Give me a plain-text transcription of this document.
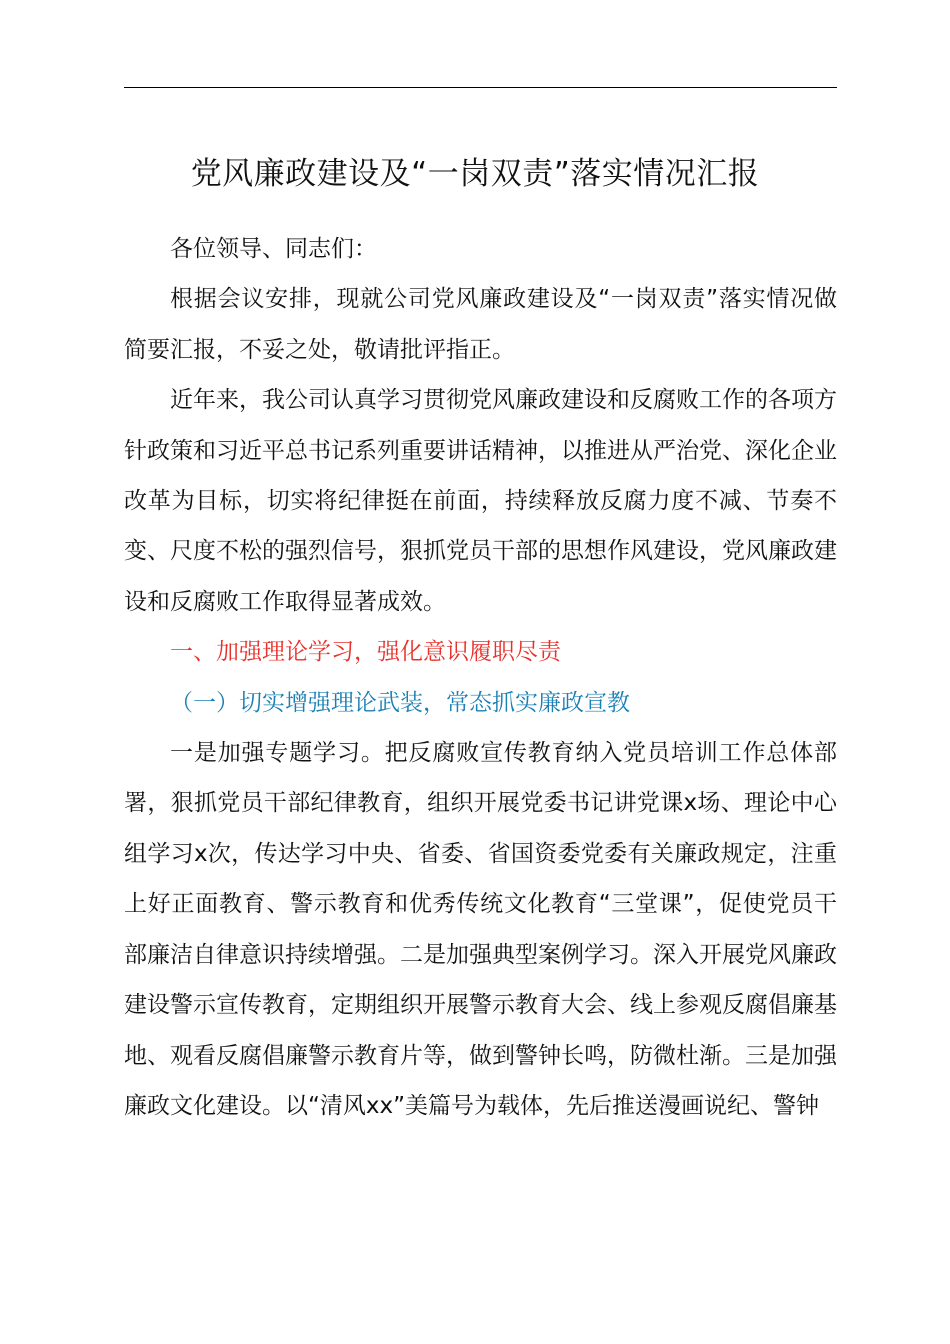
党风廉政建设及“一岗双责”落实情况汇报

各位领导、同志们：

根据会议安排，现就公司党风廉政建设及“一岗双责”落实情况做简要汇报，不妥之处，敬请批评指正。

近年来，我公司认真学习贯彻党风廉政建设和反腐败工作的各项方针政策和习近平总书记系列重要讲话精神，以推进从严治党、深化企业改革为目标，切实将纪律挺在前面，持续释放反腐力度不减、节奏不变、尺度不松的强烈信号，狠抓党员干部的思想作风建设，党风廉政建设和反腐败工作取得显著成效。

一、加强理论学习，强化意识履职尽责

（一）切实增强理论武装，常态抓实廉政宣教

一是加强专题学习。把反腐败宣传教育纳入党员培训工作总体部署，狠抓党员干部纪律教育，组织开展党委书记讲党课x场、理论中心组学习x次，传达学习中央、省委、省国资委党委有关廉政规定，注重上好正面教育、警示教育和优秀传统文化教育“三堂课”，促使党员干部廉洁自律意识持续增强。二是加强典型案例学习。深入开展党风廉政建设警示宣传教育，定期组织开展警示教育大会、线上参观反腐倡廉基地、观看反腐倡廉警示教育片等，做到警钟长鸣，防微杜渐。三是加强廉政文化建设。以“清风xx”美篇号为载体，先后推送漫画说纪、警钟
